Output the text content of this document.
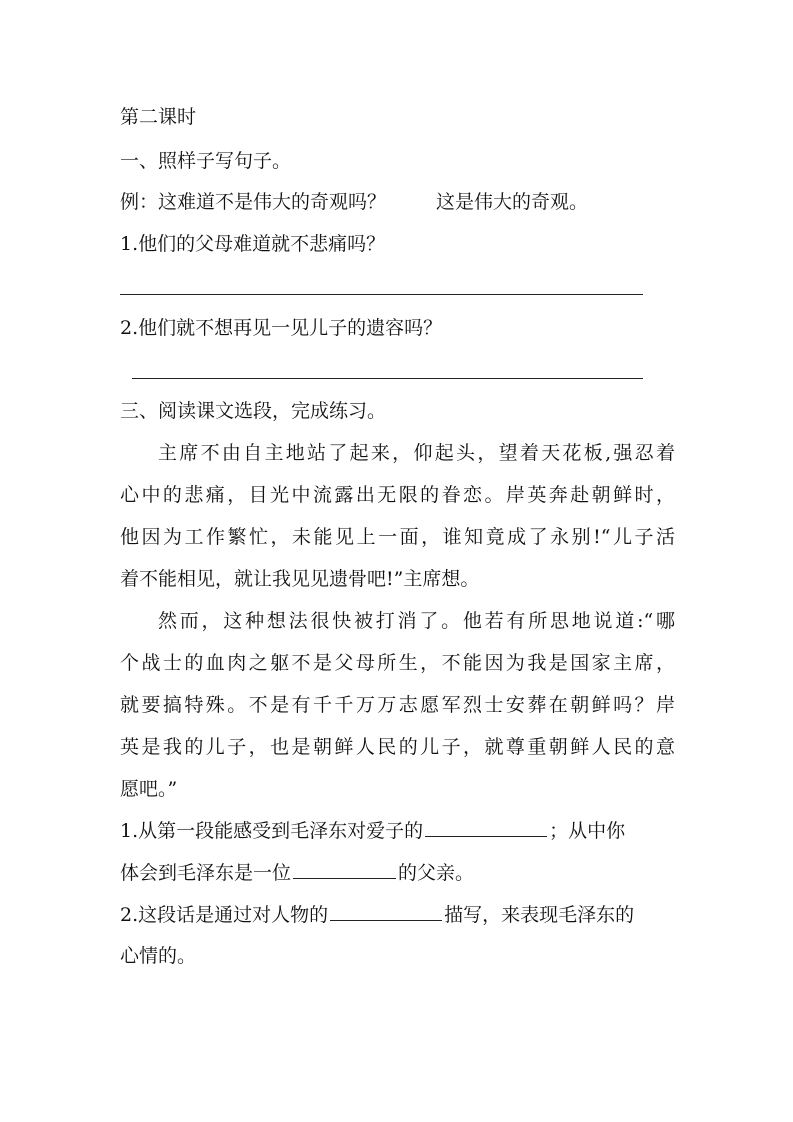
第二课时
一、照样子写句子。
例：这难道不是伟大的奇观吗？	这是伟大的奇观。
1.他们的父母难道就不悲痛吗？
2.他们就不想再见一见儿子的遗容吗？
三、阅读课文选段，完成练习。
主席不由自主地站了起来，仰起头，望着天花板,强忍着
心中的悲痛，目光中流露出无限的眷恋。岸英奔赴朝鲜时，
他因为工作繁忙，未能见上一面，谁知竟成了永别!“儿子活
着不能相见，就让我见见遗骨吧!”主席想。
然而，这种想法很快被打消了。他若有所思地说道:“哪
个战士的血肉之躯不是父母所生，不能因为我是国家主席，
就要搞特殊。不是有千千万万志愿军烈士安葬在朝鲜吗？岸
英是我的儿子，也是朝鲜人民的儿子，就尊重朝鲜人民的意
愿吧。”
1.从第一段能感受到毛泽东对爱子的	；从中你
体会到毛泽东是一位	的父亲。
2.这段话是通过对人物的	描写，来表现毛泽东的
心情的。
